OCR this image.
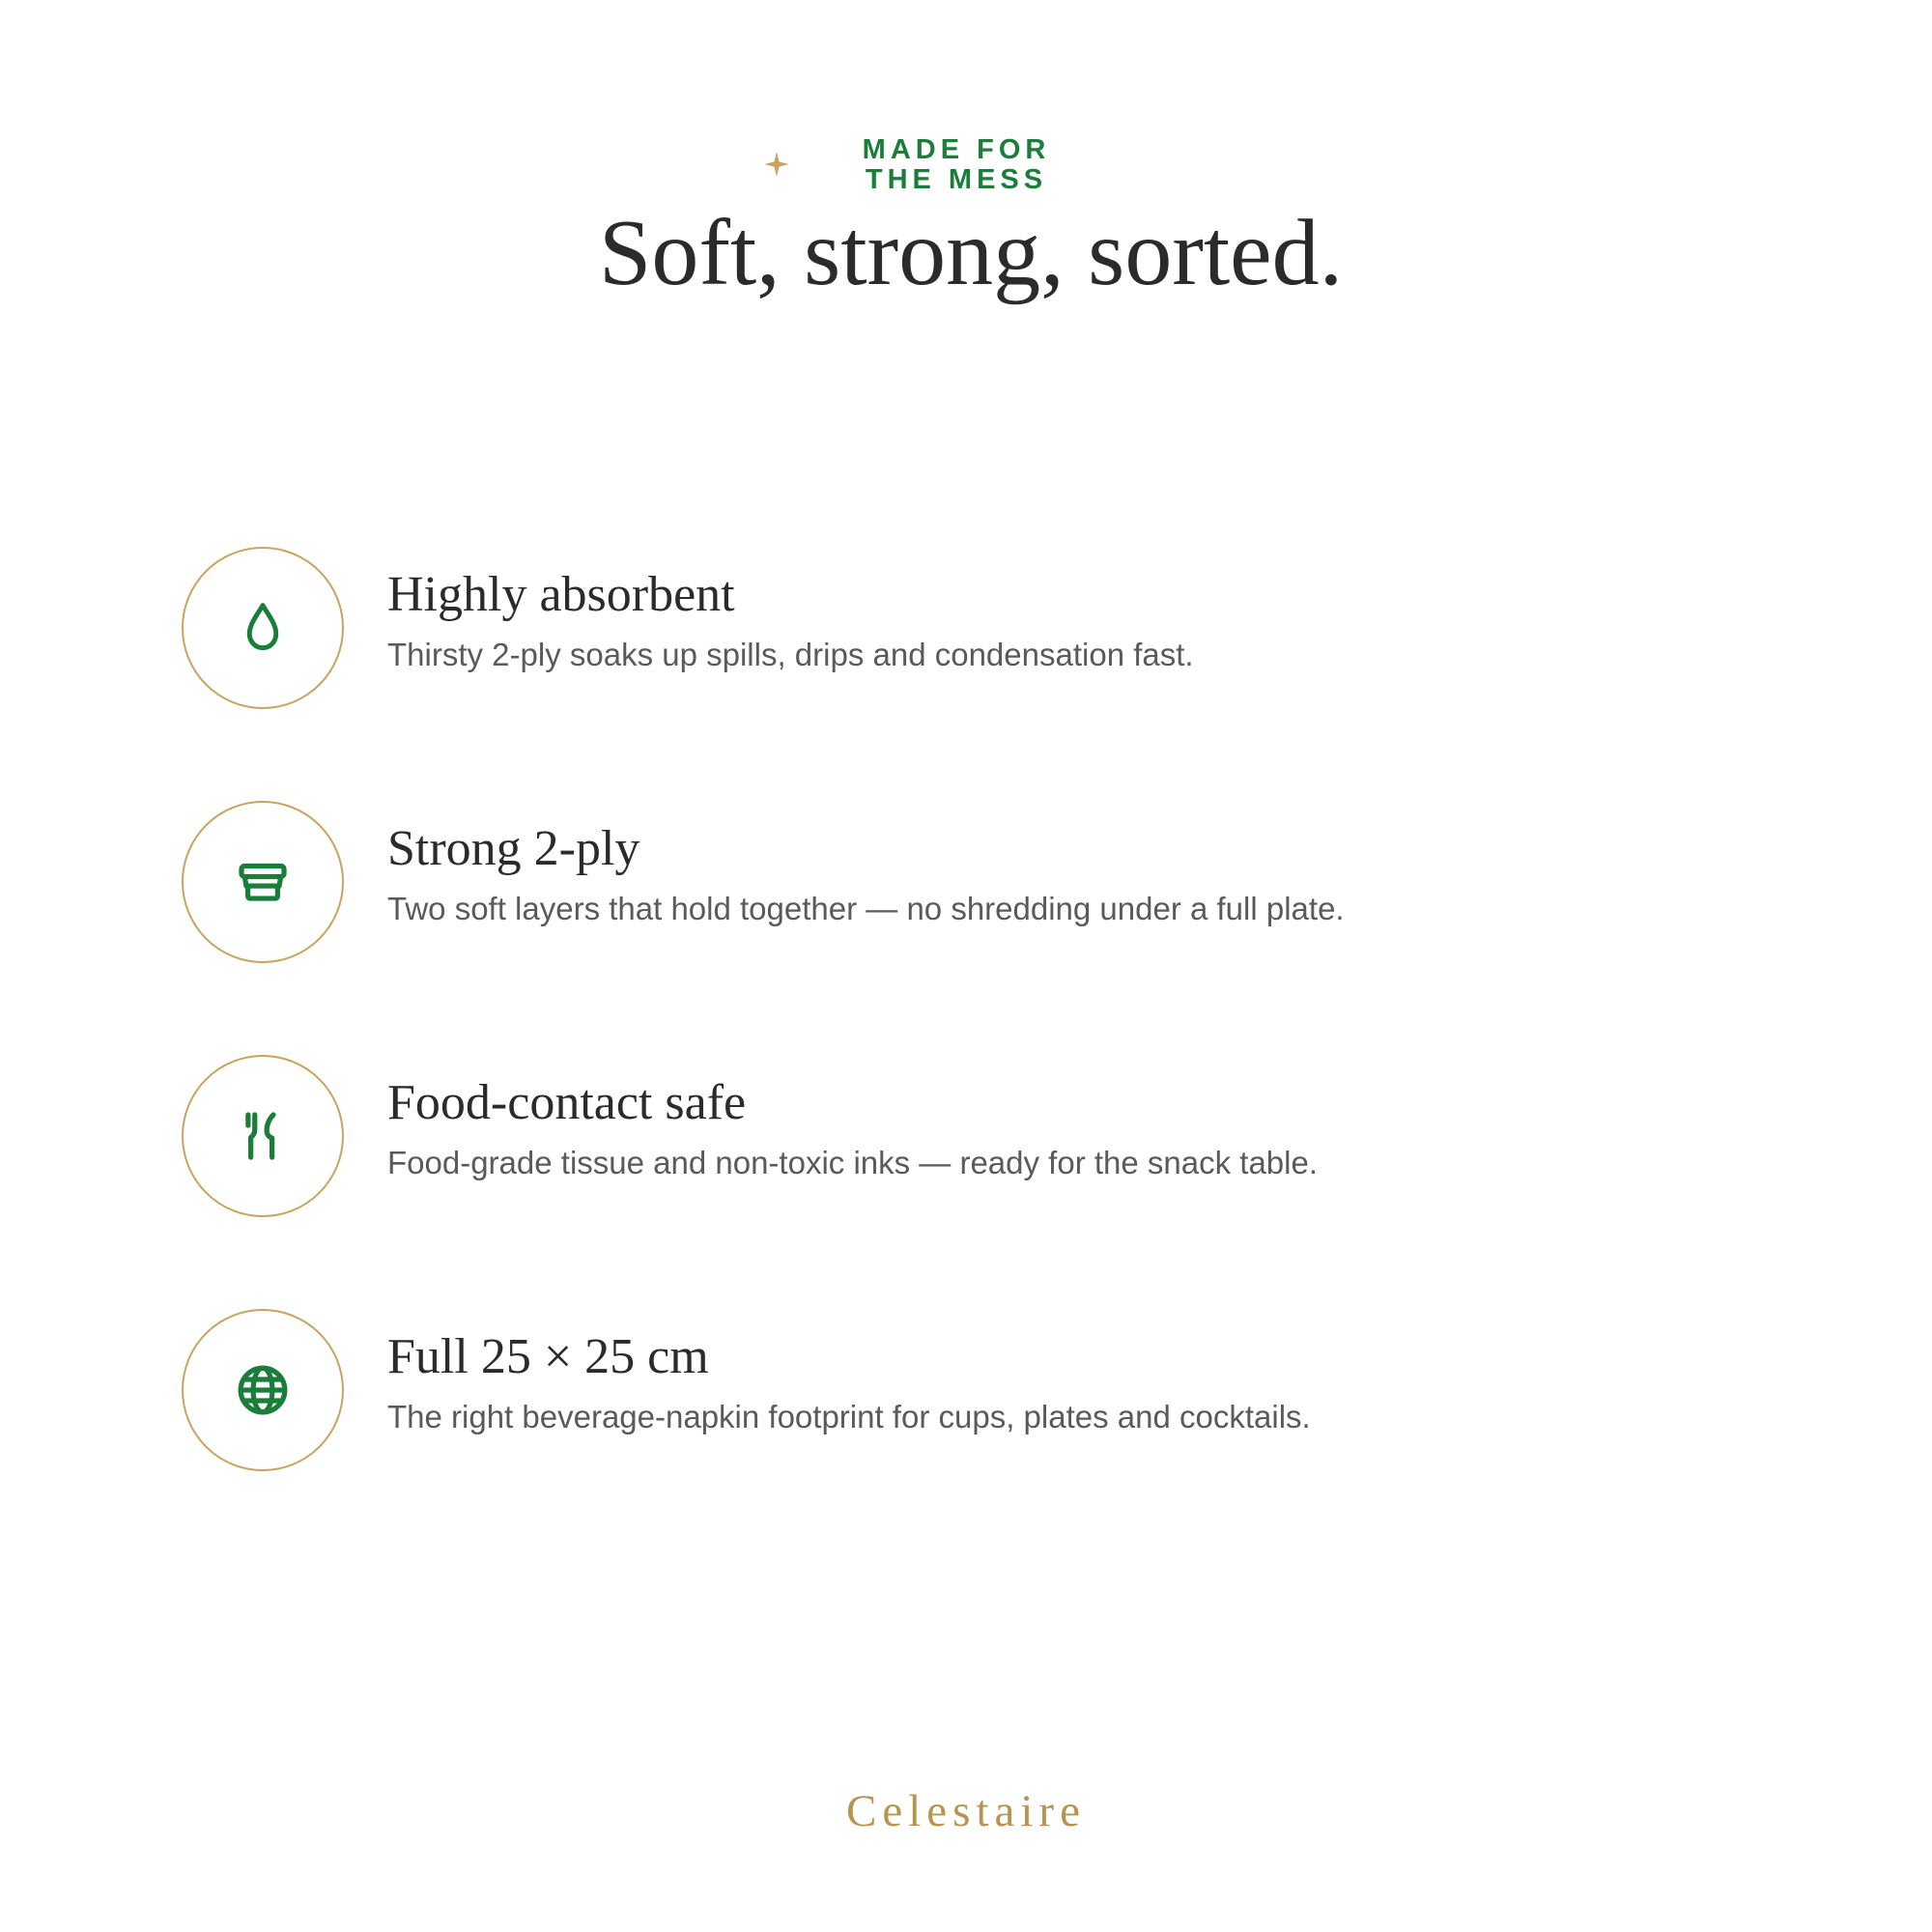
MADE FOR THE MESS
Soft, strong, sorted.
Highly absorbent
Thirsty 2-ply soaks up spills, drips and condensation fast.
Strong 2-ply
Two soft layers that hold together — no shredding under a full plate.
Food-contact safe
Food-grade tissue and non-toxic inks — ready for the snack table.
Full 25 × 25 cm
The right beverage-napkin footprint for cups, plates and cocktails.
Celestaire
